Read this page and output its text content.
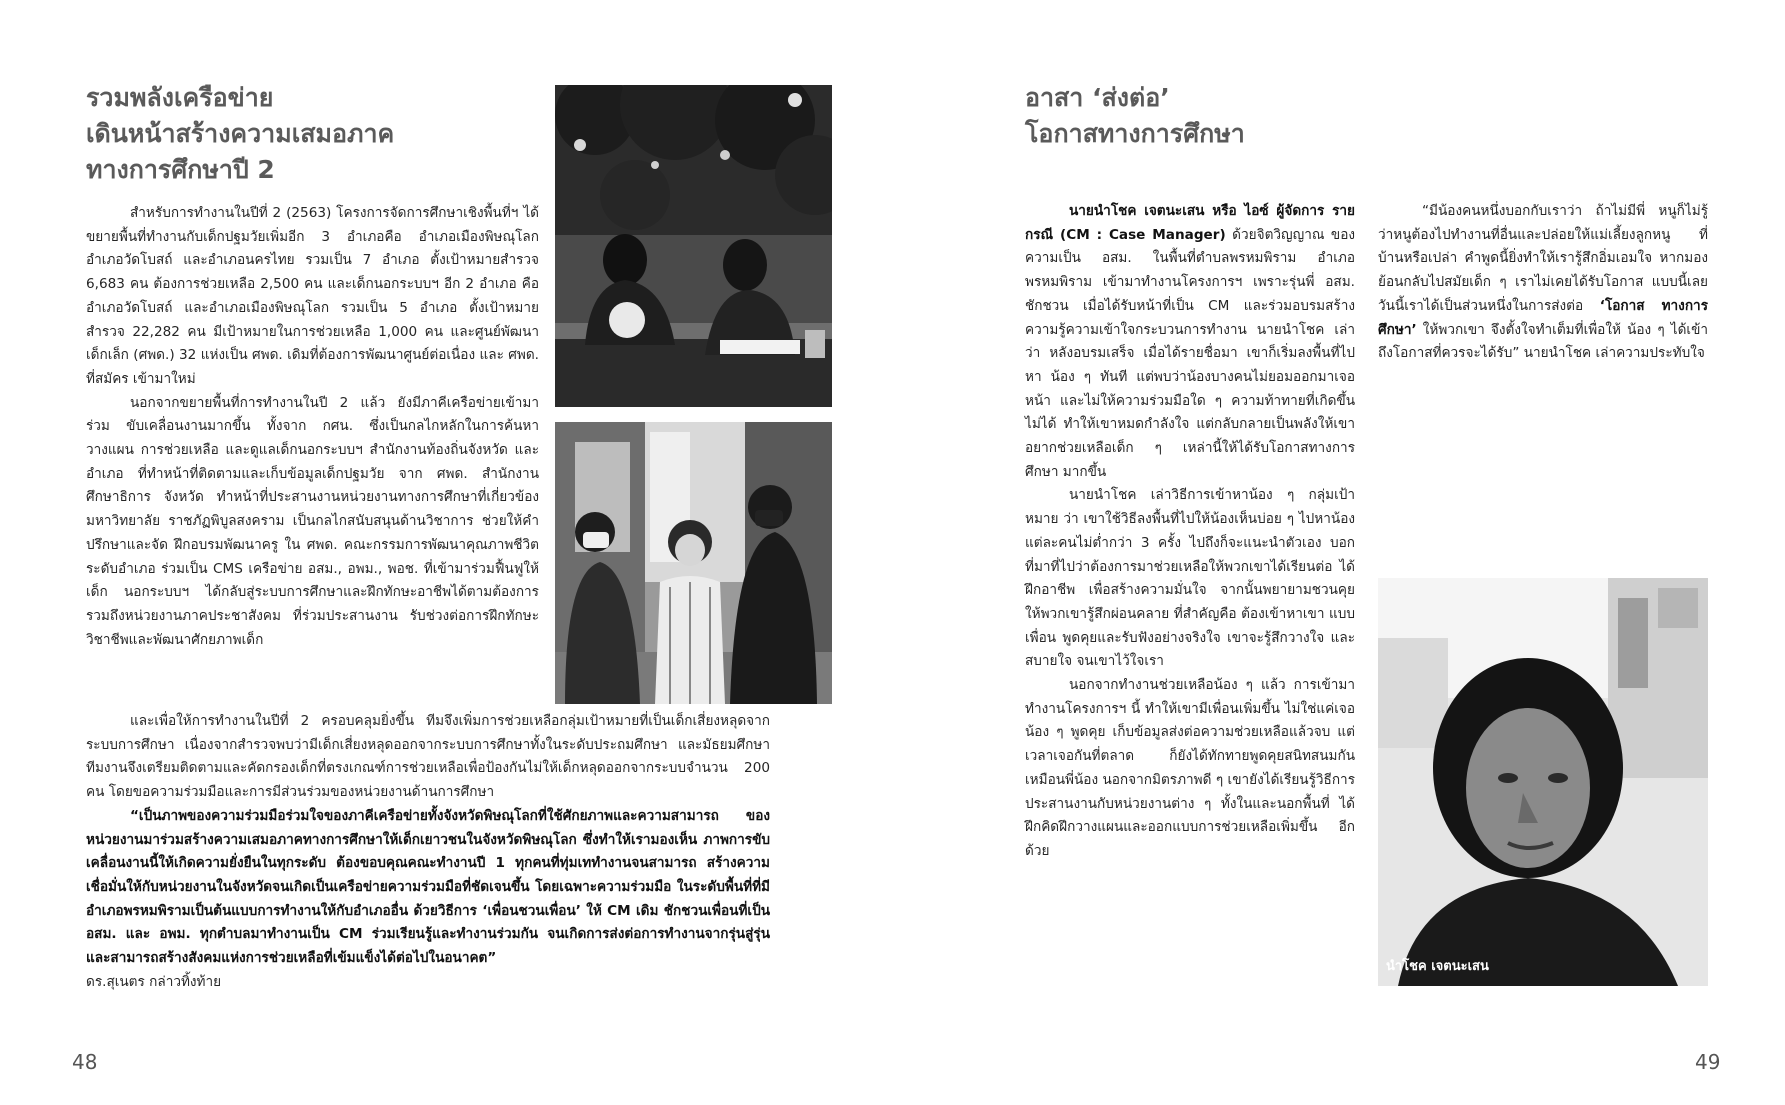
รวมพลังเครือข่าย
เดินหน้าสร้างความเสมอภาค
ทางการศึกษาปี 2

สำหรับการทำงานในปีที่ 2 (2563) โครงการจัดการศึกษาเชิงพื้นที่ฯ ได้ขยายพื้นที่ทำงานกับเด็กปฐมวัยเพิ่มอีก 3 อำเภอคือ อำเภอเมืองพิษณุโลก อำเภอวัดโบสถ์ และอำเภอนครไทย รวมเป็น 7 อำเภอ ตั้งเป้าหมายสำรวจ 6,683 คน ต้องการช่วยเหลือ 2,500 คน และเด็กนอกระบบฯ อีก 2 อำเภอ คือ อำเภอวัดโบสถ์ และอำเภอเมืองพิษณุโลก รวมเป็น 5 อำเภอ ตั้งเป้าหมายสำรวจ 22,282 คน มีเป้าหมายในการช่วยเหลือ 1,000 คน และศูนย์พัฒนาเด็กเล็ก (ศพด.) 32 แห่งเป็น ศพด. เดิมที่ต้องการพัฒนาศูนย์ต่อเนื่อง และ ศพด. ที่สมัคร เข้ามาใหม่

นอกจากขยายพื้นที่การทำงานในปี 2 แล้ว ยังมีภาคีเครือข่ายเข้ามาร่วม ขับเคลื่อนงานมากขึ้น ทั้งจาก กศน. ซึ่งเป็นกลไกหลักในการค้นหา วางแผน การช่วยเหลือ และดูแลเด็กนอกระบบฯ สำนักงานท้องถิ่นจังหวัด และอำเภอ ที่ทำหน้าที่ติดตามและเก็บข้อมูลเด็กปฐมวัย จาก ศพด. สำนักงานศึกษาธิการ จังหวัด ทำหน้าที่ประสานงานหน่วยงานทางการศึกษาที่เกี่ยวข้อง มหาวิทยาลัย ราชภัฏพิบูลสงคราม เป็นกลไกสนับสนุนด้านวิชาการ ช่วยให้คำปรึกษาและจัด ฝึกอบรมพัฒนาครู ใน ศพด. คณะกรรมการพัฒนาคุณภาพชีวิตระดับอำเภอ ร่วมเป็น CMS เครือข่าย อสม., อพม., พอช. ที่เข้ามาร่วมฟื้นฟูให้เด็ก นอกระบบฯ ได้กลับสู่ระบบการศึกษาและฝึกทักษะอาชีพได้ตามต้องการ รวมถึงหน่วยงานภาคประชาสังคม ที่ร่วมประสานงาน รับช่วงต่อการฝึกทักษะ วิชาชีพและพัฒนาศักยภาพเด็ก

และเพื่อให้การทำงานในปีที่ 2 ครอบคลุมยิ่งขึ้น ทีมจึงเพิ่มการช่วยเหลือกลุ่มเป้าหมายที่เป็นเด็กเสี่ยงหลุดจาก ระบบการศึกษา เนื่องจากสำรวจพบว่ามีเด็กเสี่ยงหลุดออกจากระบบการศึกษาทั้งในระดับประถมศึกษา และมัธยมศึกษา ทีมงานจึงเตรียมติดตามและคัดกรองเด็กที่ตรงเกณฑ์การช่วยเหลือเพื่อป้องกันไม่ให้เด็กหลุดออกจากระบบจำนวน 200 คน โดยขอความร่วมมือและการมีส่วนร่วมของหน่วยงานด้านการศึกษา

“เป็นภาพของความร่วมมือร่วมใจของภาคีเครือข่ายทั้งจังหวัดพิษณุโลกที่ใช้ศักยภาพและความสามารถ ของหน่วยงานมาร่วมสร้างความเสมอภาคทางการศึกษาให้เด็กเยาวชนในจังหวัดพิษณุโลก ซึ่งทำให้เรามองเห็น ภาพการขับเคลื่อนงานนี้ให้เกิดความยั่งยืนในทุกระดับ ต้องขอบคุณคณะทำงานปี 1 ทุกคนที่ทุ่มเททำงานจนสามารถ สร้างความเชื่อมั่นให้กับหน่วยงานในจังหวัดจนเกิดเป็นเครือข่ายความร่วมมือที่ชัดเจนขึ้น โดยเฉพาะความร่วมมือ ในระดับพื้นที่ที่มีอำเภอพรหมพิรามเป็นต้นแบบการทำงานให้กับอำเภออื่น ด้วยวิธีการ ‘เพื่อนชวนเพื่อน’ ให้ CM เดิม ชักชวนเพื่อนที่เป็น อสม. และ อพม. ทุกตำบลมาทำงานเป็น CM ร่วมเรียนรู้และทำงานร่วมกัน จนเกิดการส่งต่อการทำงานจากรุ่นสู่รุ่น และสามารถสร้างสังคมแห่งการช่วยเหลือที่เข้มแข็งได้ต่อไปในอนาคต”

ดร.สุเนตร กล่าวทิ้งท้าย

48
อาสา ‘ส่งต่อ’
โอกาสทางการศึกษา

นายนำโชค เจตนะเสน หรือ ไอซ์ ผู้จัดการ รายกรณี (CM : Case Manager) ด้วยจิตวิญญาณ ของความเป็น อสม. ในพื้นที่ตำบลพรหมพิราม อำเภอ พรหมพิราม เข้ามาทำงานโครงการฯ เพราะรุ่นพี่ อสม. ชักชวน เมื่อได้รับหน้าที่เป็น CM และร่วมอบรมสร้าง ความรู้ความเข้าใจกระบวนการทำงาน นายนำโชค เล่าว่า หลังอบรมเสร็จ เมื่อได้รายชื่อมา เขาก็เริ่มลงพื้นที่ไปหา น้อง ๆ ทันที แต่พบว่าน้องบางคนไม่ยอมออกมาเจอหน้า และไม่ให้ความร่วมมือใด ๆ ความท้าทายที่เกิดขึ้นไม่ได้ ทำให้เขาหมดกำลังใจ แต่กลับกลายเป็นพลังให้เขา อยากช่วยเหลือเด็ก ๆ เหล่านี้ให้ได้รับโอกาสทางการศึกษา มากขึ้น

นายนำโชค เล่าวิธีการเข้าหาน้อง ๆ กลุ่มเป้าหมาย ว่า เขาใช้วิธีลงพื้นที่ไปให้น้องเห็นบ่อย ๆ ไปหาน้อง แต่ละคนไม่ต่ำกว่า 3 ครั้ง ไปถึงก็จะแนะนำตัวเอง บอก ที่มาที่ไปว่าต้องการมาช่วยเหลือให้พวกเขาได้เรียนต่อ ได้ฝึกอาชีพ เพื่อสร้างความมั่นใจ จากนั้นพยายามชวนคุย ให้พวกเขารู้สึกผ่อนคลาย ที่สำคัญคือ ต้องเข้าหาเขา แบบเพื่อน พูดคุยและรับฟังอย่างจริงใจ เขาจะรู้สึกวางใจ และสบายใจ จนเขาไว้ใจเรา

นอกจากทำงานช่วยเหลือน้อง ๆ แล้ว การเข้ามา ทำงานโครงการฯ นี้ ทำให้เขามีเพื่อนเพิ่มขึ้น ไม่ใช่แค่เจอ น้อง ๆ พูดคุย เก็บข้อมูลส่งต่อความช่วยเหลือแล้วจบ แต่ เวลาเจอกันที่ตลาด ก็ยังได้ทักทายพูดคุยสนิทสนมกัน เหมือนพี่น้อง นอกจากมิตรภาพดี ๆ เขายังได้เรียนรู้วิธีการ ประสานงานกับหน่วยงานต่าง ๆ ทั้งในและนอกพื้นที่ ได้ ฝึกคิดฝึกวางแผนและออกแบบการช่วยเหลือเพิ่มขึ้น อีกด้วย

“มีน้องคนหนึ่งบอกกับเราว่า ถ้าไม่มีพี่ หนูก็ไม่รู้ ว่าหนูต้องไปทำงานที่อื่นและปล่อยให้แม่เลี้ยงลูกหนู ที่บ้านหรือเปล่า คำพูดนี้ยิ่งทำให้เรารู้สึกอิ่มเอมใจ หากมองย้อนกลับไปสมัยเด็ก ๆ เราไม่เคยได้รับโอกาส แบบนี้เลย วันนี้เราได้เป็นส่วนหนึ่งในการส่งต่อ ‘โอกาส ทางการศึกษา’ ให้พวกเขา จึงตั้งใจทำเต็มที่เพื่อให้ น้อง ๆ ได้เข้าถึงโอกาสที่ควรจะได้รับ” นายนำโชค เล่าความประทับใจ

นำโชค เจตนะเสน
49
